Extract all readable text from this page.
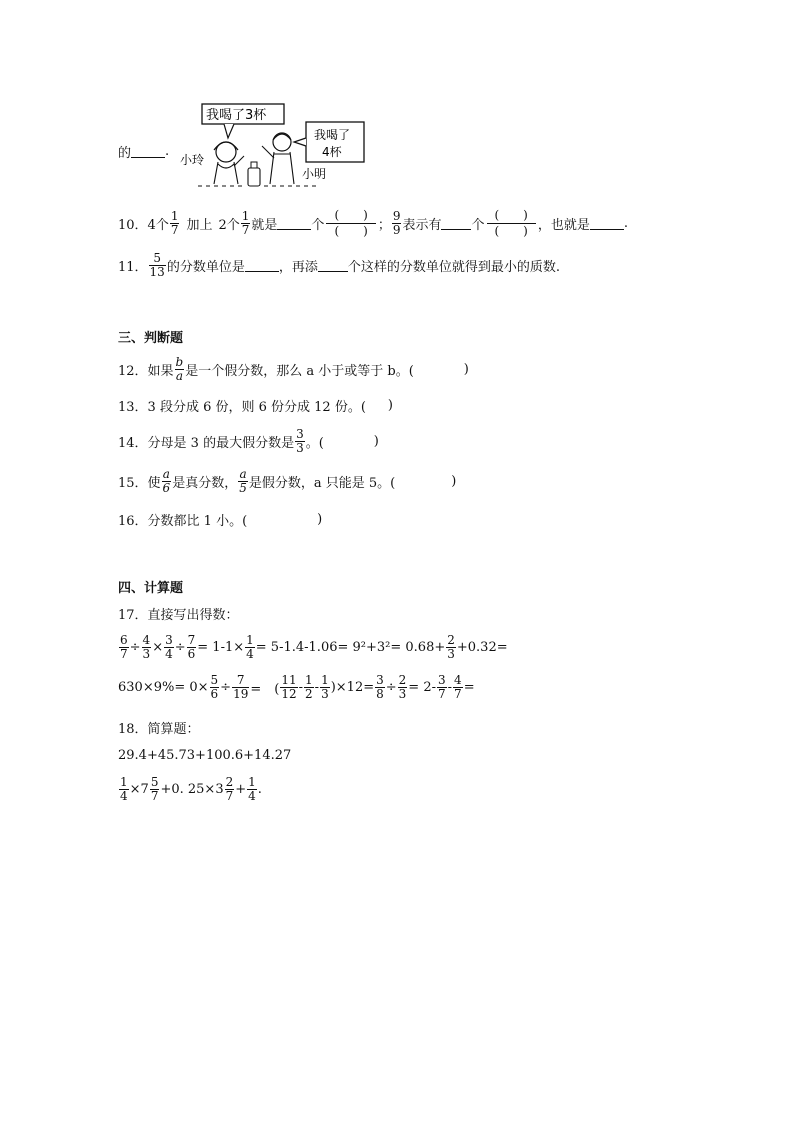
的	.
我喝了3杯
我喝了
4杯
小玲
小明
10．4个 $\frac{1}{7}$ 加上 2个 $\frac{1}{7}$ 就是	个
(　　)
(　　) ； $\frac{9}{9}$ 表示有 个
(　　)
(　　) ，也就是	.
11． $\frac{5}{13}$ 的分数单位是	，再添 个这样的分数单位就得到最小的质数.
三、判断题
12．如果 $\frac{b}{a}$ 是一个假分数，那么 a 小于或等于 b。(	)
13．3 段分成 6 份，则 6 份分成 12 份。( )
14．分母是 3 的最大假分数是 $\frac{3}{3}$ 。(	)
15．使 $\frac{a}{6}$ 是真分数， $\frac{a}{5}$ 是假分数，a 只能是 5。(	)
16．分数都比 1 小。(	)
四、计算题
17．直接写出得数：
$\frac{6}{7} \div \frac{4}{3} \times \frac{3}{4} \div \frac{7}{6} = 1-1\times \frac{1}{4} = 5-1.4-1.06= 9^2+3^2= 0.68+ \frac{2}{3} +0.32=$
$630\times 9\%= 0\times \frac{5}{6} \div \frac{7}{19}$ =　( $\frac{11}{12} - \frac{1}{2} - \frac{1}{3} )\times 12= \frac{3}{8} \div \frac{2}{3} = 2- \frac{3}{7} - \frac{4}{7}$ =
18．简算题：
29.4+45.73+100.6+14.27
$\frac{1}{4} \times 7 \frac{5}{7} +0$. $25\times 3 \frac{2}{7} + \frac{1}{4}$ .
